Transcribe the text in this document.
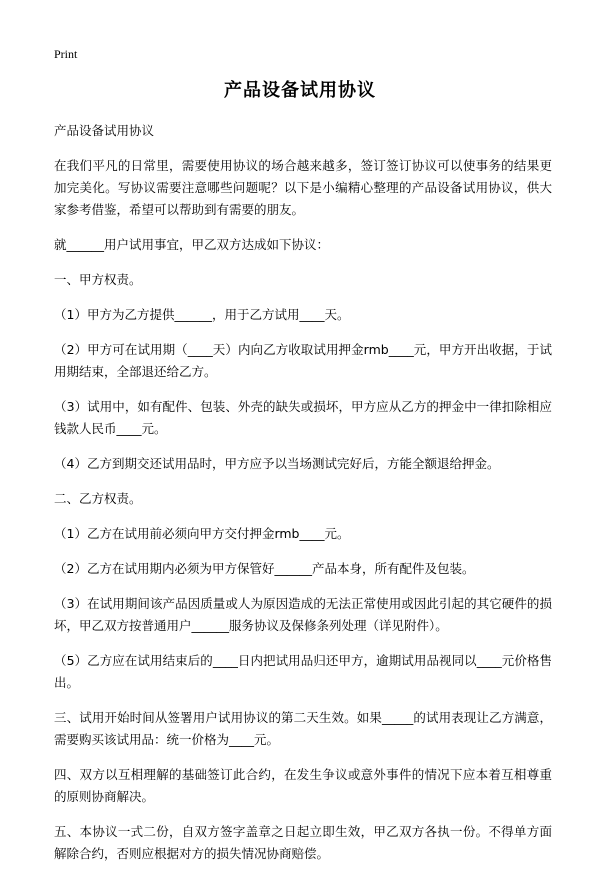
Print
产品设备试用协议

产品设备试用协议

在我们平凡的日常里，需要使用协议的场合越来越多，签订签订协议可以使事务的结果更加完美化。写协议需要注意哪些问题呢？以下是小编精心整理的产品设备试用协议，供大家参考借鉴，希望可以帮助到有需要的朋友。

就______用户试用事宜，甲乙双方达成如下协议：

一、甲方权责。

（1）甲方为乙方提供______，用于乙方试用____天。

（2）甲方可在试用期（____天）内向乙方收取试用押金rmb____元，甲方开出收据，于试用期结束，全部退还给乙方。

（3）试用中，如有配件、包装、外壳的缺失或损坏，甲方应从乙方的押金中一律扣除相应钱款人民币____元。

（4）乙方到期交还试用品时，甲方应予以当场测试完好后，方能全额退给押金。

二、乙方权责。

（1）乙方在试用前必须向甲方交付押金rmb____元。

（2）乙方在试用期内必须为甲方保管好______产品本身，所有配件及包装。

（3）在试用期间该产品因质量或人为原因造成的无法正常使用或因此引起的其它硬件的损坏，甲乙双方按普通用户______服务协议及保修条列处理（详见附件）。

（5）乙方应在试用结束后的____日内把试用品归还甲方，逾期试用品视同以____元价格售出。

三、试用开始时间从签署用户试用协议的第二天生效。如果_____的试用表现让乙方满意，需要购买该试用品：统一价格为____元。

四、双方以互相理解的基础签订此合约，在发生争议或意外事件的情况下应本着互相尊重的原则协商解决。

五、本协议一式二份，自双方签字盖章之日起立即生效，甲乙双方各执一份。不得单方面解除合约，否则应根据对方的损失情况协商赔偿。
